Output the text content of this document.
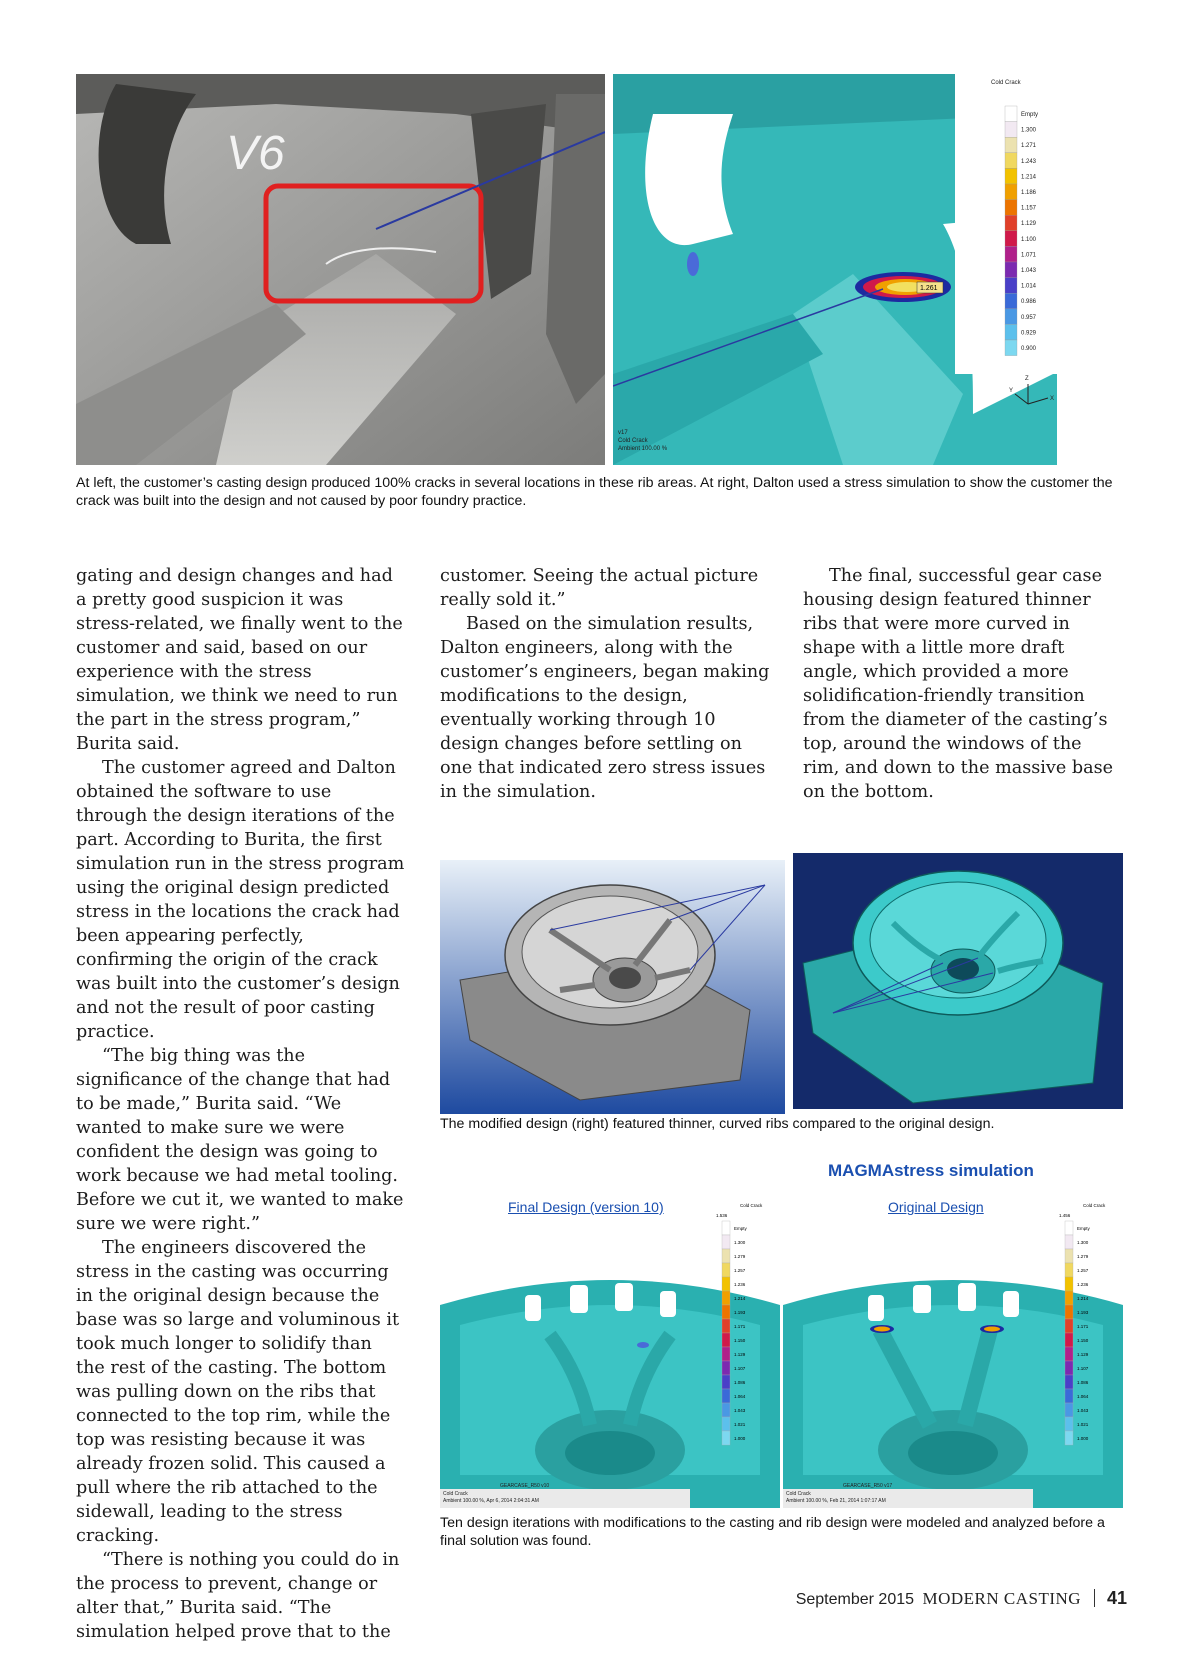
V6
1.261
v17
Cold Crack
Ambient 100.00 %
Z
X
Y
Cold Crack
Empty
1.300
1.271
1.243
1.214
1.186
1.157
1.129
1.100
1.071
1.043
1.014
0.986
0.957
0.929
0.900
At left, the customer’s casting design produced 100% cracks in several locations in these rib areas. At right, Dalton used a stress simulation to show the customer the crack was built into the design and not caused by poor foundry practice.

gating and design changes and had a pretty good suspicion it was stress-related, we finally went to the customer and said, based on our experience with the stress simulation, we think we need to run the part in the stress program,” Burita said.

The customer agreed and Dalton obtained the software to use through the design iterations of the part. According to Burita, the first simulation run in the stress program using the original design predicted stress in the locations the crack had been appearing perfectly, confirming the origin of the crack was built into the customer’s design and not the result of poor casting practice.

“The big thing was the significance of the change that had to be made,” Burita said. “We wanted to make sure we were confident the design was going to work because we had metal tooling. Before we cut it, we wanted to make sure we were right.”

The engineers discovered the stress in the casting was occurring in the original design because the base was so large and voluminous it took much longer to solidify than the rest of the casting. The bottom was pulling down on the ribs that connected to the top rim, while the top was resisting because it was already frozen solid. This caused a pull where the rib attached to the sidewall, leading to the stress cracking.

“There is nothing you could do in the process to prevent, change or alter that,” Burita said. “The simulation helped prove that to the

customer. Seeing the actual picture really sold it.”

Based on the simulation results, Dalton engineers, along with the customer’s engineers, began making modifications to the design, eventually working through 10 design changes before settling on one that indicated zero stress issues in the simulation.

The final, successful gear case housing design featured thinner ribs that were more curved in shape with a little more draft angle, which provided a more solidification-friendly transition from the diameter of the casting’s top, around the windows of the rim, and down to the massive base on the bottom.

The modified design (right) featured thinner, curved ribs compared to the original design.
MAGMAstress simulation
Final Design (version 10)	Original Design
Cold Crack
Ambient 100.00 %, Apr 6, 2014 2:04:31 AM
GEARCASE_R50 v10
Cold Crack
Ambient 100.00 %, Feb 21, 2014 1:07:17 AM
GEARCASE_R50 v17
Cold Crack
1.536
Empty
1.300
1.279
1.257
1.236
1.214
1.193
1.171
1.150
1.129
1.107
1.086
1.064
1.043
1.021
1.000
Cold Crack
1.456
Empty
1.300
1.279
1.257
1.236
1.214
1.193
1.171
1.150
1.129
1.107
1.086
1.064
1.043
1.021
1.000
Ten design iterations with modifications to the casting and rib design were modeled and analyzed before a final solution was found.
September 2015 MODERN CASTING 41
